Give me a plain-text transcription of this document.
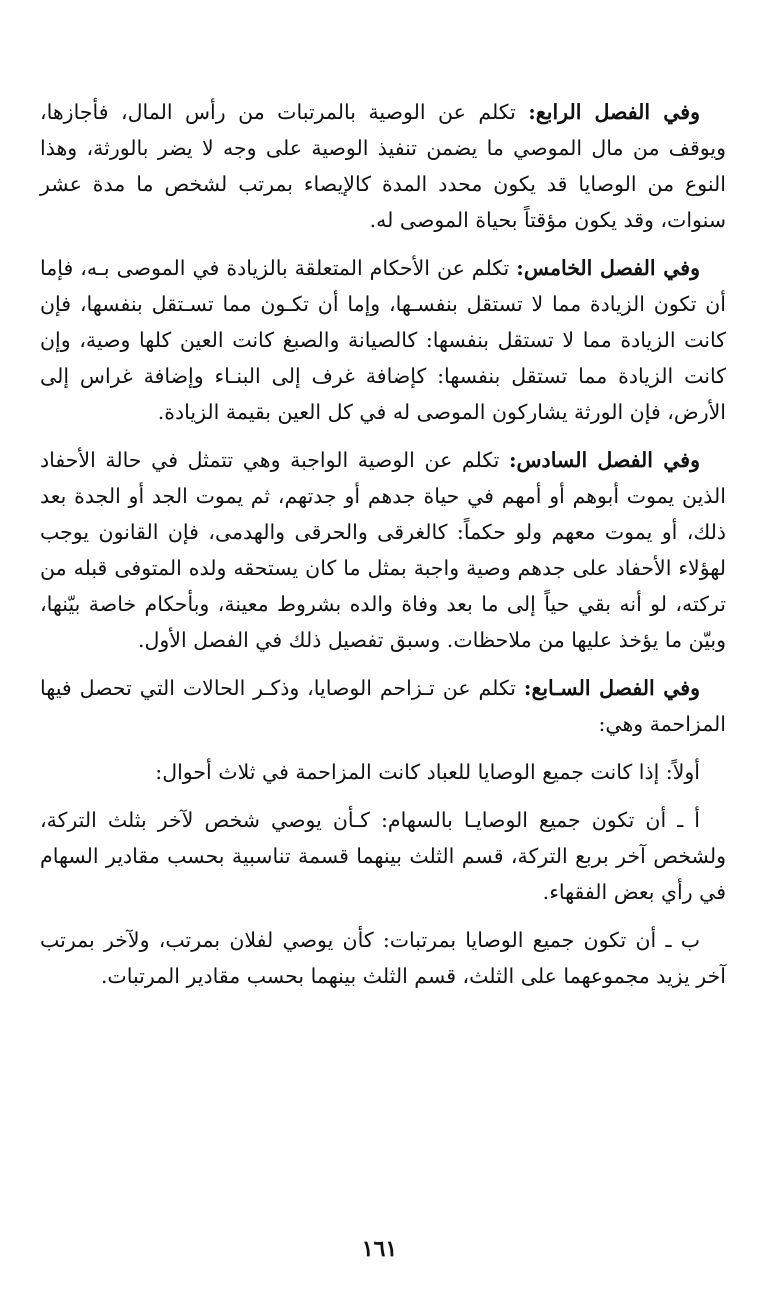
وفي الفصل الرابع: تكلم عن الوصية بالمرتبات من رأس المال، فأجازها، ويوقف من مال الموصي ما يضمن تنفيذ الوصية على وجه لا يضر بالورثة، وهذا النوع من الوصايا قد يكون محدد المدة كالإيصاء بمرتب لشخص ما مدة عشر سنوات، وقد يكون مؤقتاً بحياة الموصى له.

وفي الفصل الخامس: تكلم عن الأحكام المتعلقة بالزيادة في الموصى بـه، فإما أن تكون الزيادة مما لا تستقل بنفسـها، وإما أن تكـون مما تسـتقل بنفسها، فإن كانت الزيادة مما لا تستقل بنفسها: كالصيانة والصبغ كانت العين كلها وصية، وإن كانت الزيادة مما تستقل بنفسها: كإضافة غرف إلى البنـاء وإضافة غراس إلى الأرض، فإن الورثة يشاركون الموصى له في كل العين بقيمة الزيادة.

وفي الفصل السادس: تكلم عن الوصية الواجبة وهي تتمثل في حالة الأحفاد الذين يموت أبوهم أو أمهم في حياة جدهم أو جدتهم، ثم يموت الجد أو الجدة بعد ذلك، أو يموت معهم ولو حكماً: كالغرقى والحرقى والهدمى، فإن القانون يوجب لهؤلاء الأحفاد على جدهم وصية واجبة بمثل ما كان يستحقه ولده المتوفى قبله من تركته، لو أنه بقي حياً إلى ما بعد وفاة والده بشروط معينة، وبأحكام خاصة بيّنها، وبيّن ما يؤخذ عليها من ملاحظات. وسبق تفصيل ذلك في الفصل الأول.

وفي الفصل السـابع: تكلم عن تـزاحم الوصايا، وذكـر الحالات التي تحصل فيها المزاحمة وهي:

أولاً: إذا كانت جميع الوصايا للعباد كانت المزاحمة في ثلاث أحوال:

أ ـ أن تكون جميع الوصايـا بالسهام: كـأن يوصي شخص لآخر بثلث التركة، ولشخص آخر بربع التركة، قسم الثلث بينهما قسمة تناسبية بحسب مقادير السهام في رأي بعض الفقهاء.

ب ـ أن تكون جميع الوصايا بمرتبات: كأن يوصي لفلان بمرتب، ولآخر بمرتب آخر يزيد مجموعهما على الثلث، قسم الثلث بينهما بحسب مقادير المرتبات.

١٦١
